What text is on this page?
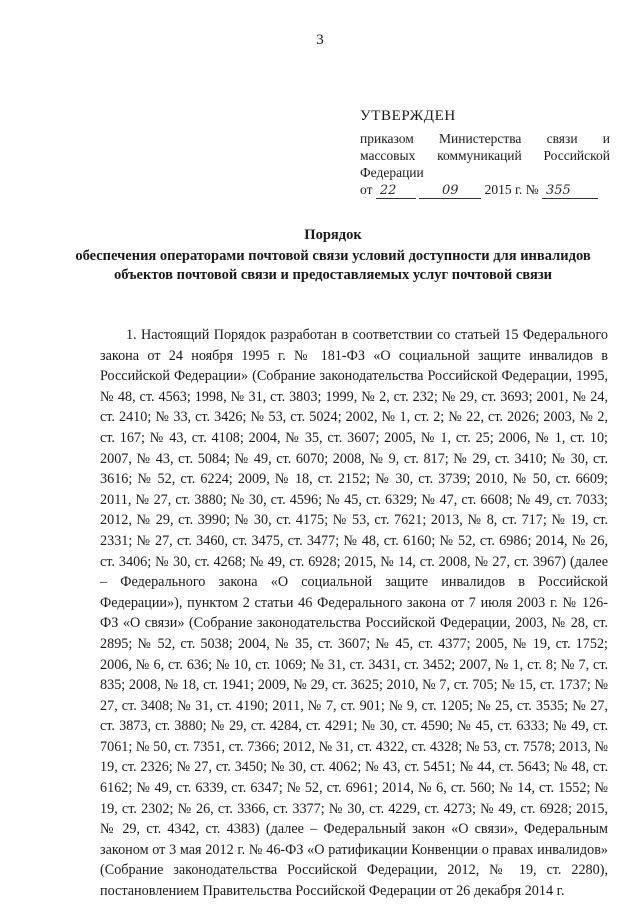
3
УТВЕРЖДЕН
приказом Министерства связи и
массовых коммуникаций Российской
Федерации
от 22	09 2015 г. № 355
Порядок
обеспечения операторами почтовой связи условий доступности для инвалидов объектов почтовой связи и предоставляемых услуг почтовой связи

1. Настоящий Порядок разработан в соответствии со статьей 15 Федерального закона от 24 ноября 1995 г. № 181-ФЗ «О социальной защите инвалидов в Российской Федерации» (Собрание законодательства Российской Федерации, 1995, № 48, ст. 4563; 1998, № 31, ст. 3803; 1999, № 2, ст. 232; № 29, ст. 3693; 2001, № 24, ст. 2410; № 33, ст. 3426; № 53, ст. 5024; 2002, № 1, ст. 2; № 22, ст. 2026; 2003, № 2, ст. 167; № 43, ст. 4108; 2004, № 35, ст. 3607; 2005, № 1, ст. 25; 2006, № 1, ст. 10; 2007, № 43, ст. 5084; № 49, ст. 6070; 2008, № 9, ст. 817; № 29, ст. 3410; № 30, ст. 3616; № 52, ст. 6224; 2009, № 18, ст. 2152; № 30, ст. 3739; 2010, № 50, ст. 6609; 2011, № 27, ст. 3880; № 30, ст. 4596; № 45, ст. 6329; № 47, ст. 6608; № 49, ст. 7033; 2012, № 29, ст. 3990; № 30, ст. 4175; № 53, ст. 7621; 2013, № 8, ст. 717; № 19, ст. 2331; № 27, ст. 3460, ст. 3475, ст. 3477; № 48, ст. 6160; № 52, ст. 6986; 2014, № 26, ст. 3406; № 30, ст. 4268; № 49, ст. 6928; 2015, № 14, ст. 2008, № 27, ст. 3967) (далее – Федерального закона «О социальной защите инвалидов в Российской Федерации»), пунктом 2 статьи 46 Федерального закона от 7 июля 2003 г. № 126-ФЗ «О связи» (Собрание законодательства Российской Федерации, 2003, № 28, ст. 2895; № 52, ст. 5038; 2004, № 35, ст. 3607; № 45, ст. 4377; 2005, № 19, ст. 1752; 2006, № 6, ст. 636; № 10, ст. 1069; № 31, ст. 3431, ст. 3452; 2007, № 1, ст. 8; № 7, ст. 835; 2008, № 18, ст. 1941; 2009, № 29, ст. 3625; 2010, № 7, ст. 705; № 15, ст. 1737; № 27, ст. 3408; № 31, ст. 4190; 2011, № 7, ст. 901; № 9, ст. 1205; № 25, ст. 3535; № 27, ст. 3873, ст. 3880; № 29, ст. 4284, ст. 4291; № 30, ст. 4590; № 45, ст. 6333; № 49, ст. 7061; № 50, ст. 7351, ст. 7366; 2012, № 31, ст. 4322, ст. 4328; № 53, ст. 7578; 2013, № 19, ст. 2326; № 27, ст. 3450; № 30, ст. 4062; № 43, ст. 5451; № 44, ст. 5643; № 48, ст. 6162; № 49, ст. 6339, ст. 6347; № 52, ст. 6961; 2014, № 6, ст. 560; № 14, ст. 1552; № 19, ст. 2302; № 26, ст. 3366, ст. 3377; № 30, ст. 4229, ст. 4273; № 49, ст. 6928; 2015, № 29, ст. 4342, ст. 4383) (далее – Федеральный закон «О связи», Федеральным законом от 3 мая 2012 г. № 46-ФЗ «О ратификации Конвенции о правах инвалидов» (Собрание законодательства Российской Федерации, 2012, № 19, ст. 2280), постановлением Правительства Российской Федерации от 26 декабря 2014 г.
